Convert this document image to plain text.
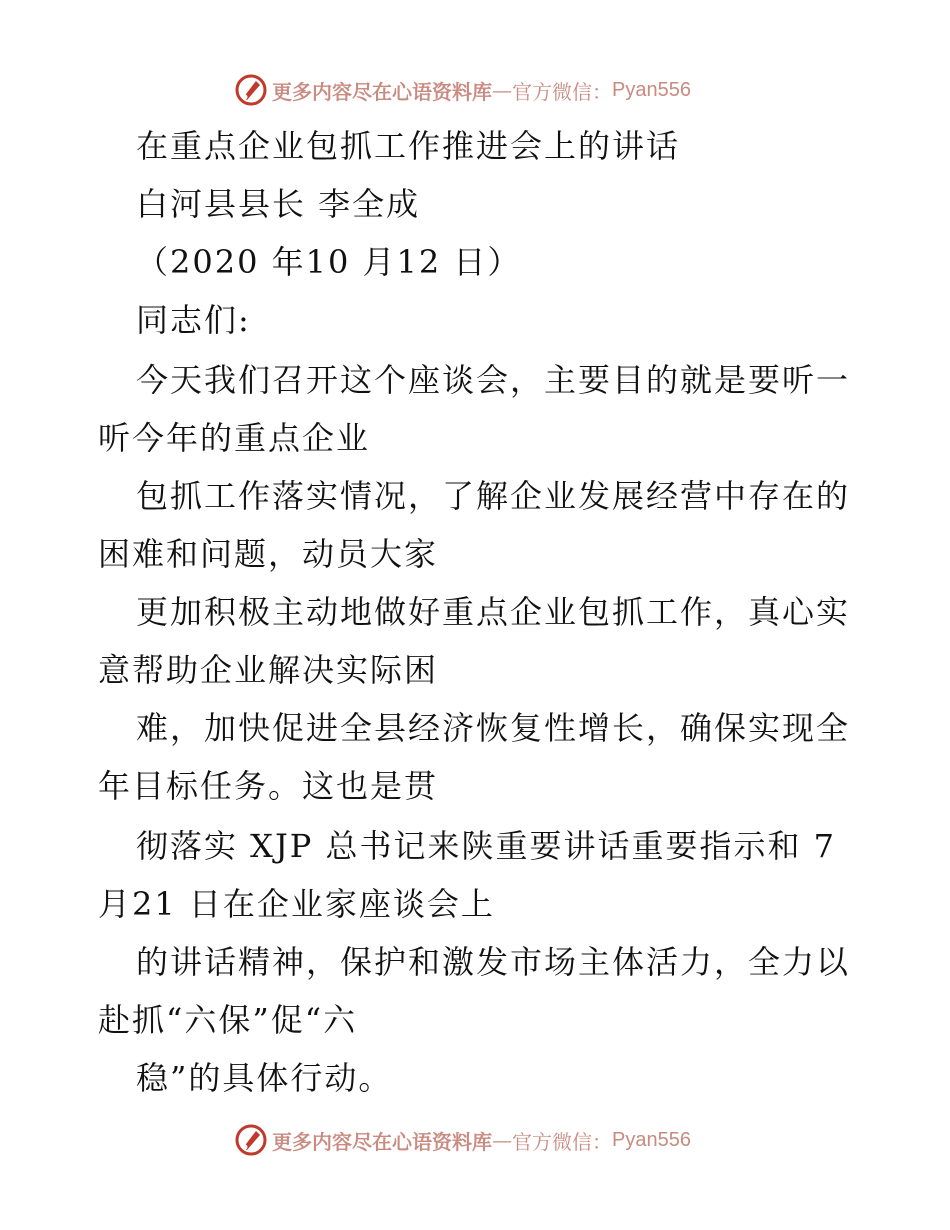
更多内容尽在心语资料库 — 官方微信： Pyan556
在重点企业包抓工作推进会上的讲话
白河县县长 李全成
（2020 年10 月12 日）
同志们:
今天我们召开这个座谈会，主要目的就是要听一
听今年的重点企业
包抓工作落实情况，了解企业发展经营中存在的
困难和问题，动员大家
更加积极主动地做好重点企业包抓工作，真心实
意帮助企业解决实际困
难，加快促进全县经济恢复性增长，确保实现全
年目标任务。这也是贯
彻落实 XJP 总书记来陕重要讲话重要指示和 7
月21 日在企业家座谈会上
的讲话精神，保护和激发市场主体活力，全力以
赴抓“六保”促“六
稳”的具体行动。
更多内容尽在心语资料库 — 官方微信： Pyan556
